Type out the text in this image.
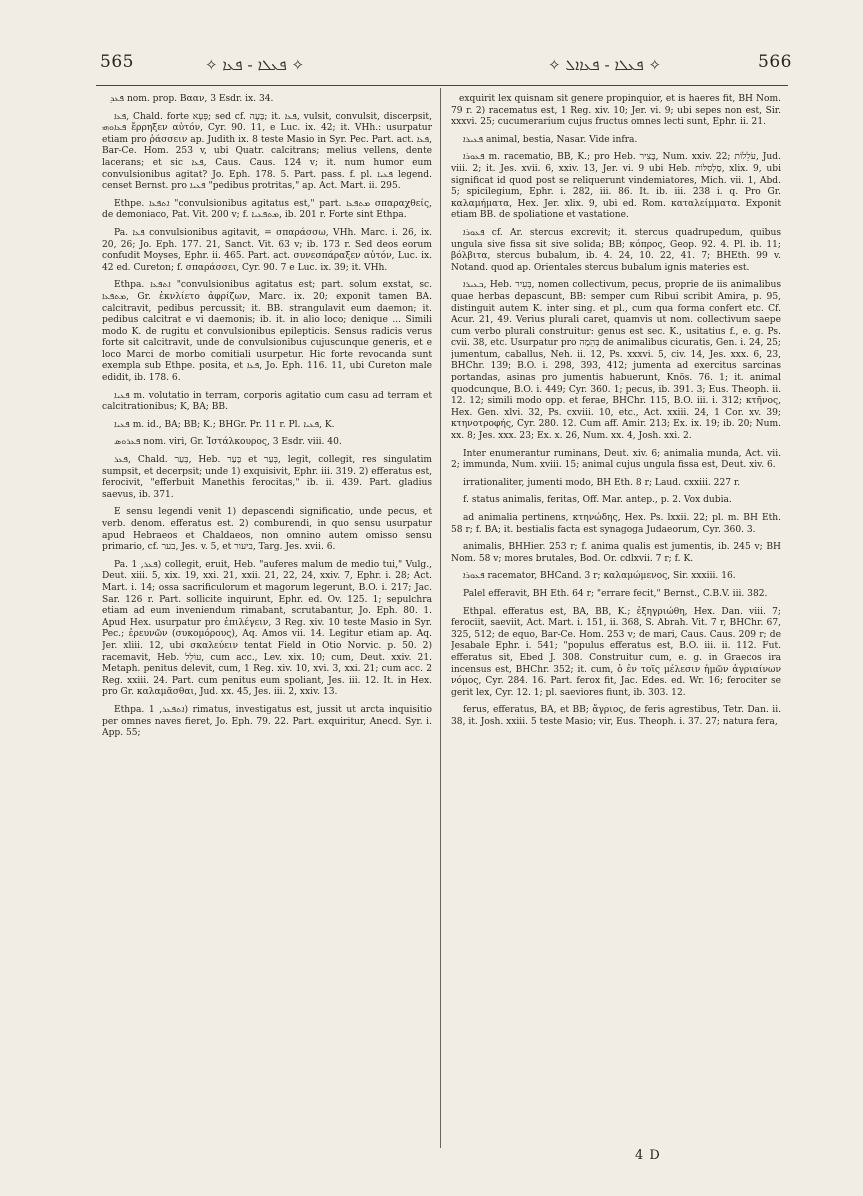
565	✧ ܦܥܠܐ - ܦܥܐ ✧	✧ ܦܥܠܐ - ܦܥܐܐܠ ✧	566

ܦܥܕ nom. prop. Βααν, 3 Esdr. ix. 34.

ܦܥܐ, Chald. forte פְּעָא; sed cf. בָּעָה; it. ܦܥܐ, vulsit, convulsit, discerpsit, ܦܥܐܘܗܝ ἔρρηξεν αὐτόν, Cyr. 90. 11, e Luc. ix. 42; it. VHh.: usurpatur etiam pro ῥάσσειν ap. Judith ix. 8 teste Masio in Syr. Pec. Part. act. ܦܥܐ, Bar-Ce. Hom. 253 v, ubi Quatr. calcitrans; melius vellens, dente lacerans; et sic ܦܥܐ, Caus. Caus. 124 v; it. num humor eum convulsionibus agitat? Jo. Eph. 178. 5. Part. pass. f. pl. ܦܥܝܐ legend. censet Bernst. pro ܦܥܝܐ "pedibus protritas," ap. Act. Mart. ii. 295.

Ethpe. ܐܬܦܥܐ "convulsionibus agitatus est," part. ܡܬܦܥܐ σπαραχθείς, de demoniaco, Pat. Vit. 200 v; f. ܡܬܦܥܝܐ, ib. 201 r. Forte sint Ethpa.

Pa. ܦܥܐ convulsionibus agitavit, = σπαράσσω, VHh. Marc. i. 26, ix. 20, 26; Jo. Eph. 177. 21, Sanct. Vit. 63 v; ib. 173 r. Sed deos eorum confudit Moyses, Ephr. ii. 465. Part. act. συνεσπάραξεν αὐτόν, Luc. ix. 42 ed. Cureton; f. σπαράσσει, Cyr. 90. 7 e Luc. ix. 39; it. VHh.

Ethpa. ܐܬܦܥܐ "convulsionibus agitatus est; part. solum exstat, sc. ܡܬܦܥܐ, Gr. ἐκνλίετο ἀφρίζων, Marc. ix. 20; exponit tamen BA. calcitravit, pedibus percussit; it. BB. strangulavit eum daemon; it. pedibus calcitrat e vi daemonis; ib. it. in alio loco; denique ... Simili modo K. de rugitu et convulsionibus epilepticis. Sensus radicis verus forte sit calcitravit, unde de convulsionibus cujuscunque generis, et e loco Marci de morbo comitiali usurpetur. Hic forte revocanda sunt exempla sub Ethpe. posita, et ܦܥܐ, Jo. Eph. 116. 11, ubi Cureton male edidit, ib. 178. 6.

ܦܥܝܐ m. volutatio in terram, corporis agitatio cum casu ad terram et calcitrationibus; K, BA; BB.

ܦܥܝܐ m. id., BA; BB; K.; BHGr. Pr. 11 r. Pl. ܦܥܝܐ, K.

ܦܥܪܘܣ nom. viri, Gr. Ἰστάλκουρος, 3 Esdr. viii. 40.

ܦܥܪ, Chald. בְּעַר, Heb. בָּעַר et בְּעַר, legit, collegit, res singulatim sumpsit, et decerpsit; unde 1) exquisivit, Ephr. iii. 319. 2) efferatus est, ferocivit, "efferbuit Manethis ferocitas," ib. ii. 439. Part. gladius saevus, ib. 371.

E sensu legendi venit 1) depascendi significatio, unde pecus, et verb. denom. efferatus est. 2) comburendi, in quo sensu usurpatur apud Hebraeos et Chaldaeos, non omnino autem omisso sensu primario, cf. בער, Jes. v. 5, et ביעור, Targ. Jes. xvii. 6.

Pa. ܦܥܪ, 1) collegit, eruit, Heb. "auferes malum de medio tui," Vulg., Deut. xiii. 5, xix. 19, xxi. 21, xxii. 21, 22, 24, xxiv. 7, Ephr. i. 28; Act. Mart. i. 14; ossa sacrificulorum et magorum legerunt, B.O. i. 217; Jac. Sar. 126 r. Part. sollicite inquirunt, Ephr. ed. Ov. 125. 1; sepulchra etiam ad eum inveniendum rimabant, scrutabantur, Jo. Eph. 80. 1. Apud Hex. usurpatur pro ἐπιλέγειν, 3 Reg. xiv. 10 teste Masio in Syr. Pec.; ἐρευνῶν (συκομόρους), Aq. Amos vii. 14. Legitur etiam ap. Aq. Jer. xliii. 12, ubi σκαλεύειν tentat Field in Otio Norvic. p. 50. 2) racemavit, Heb. עוֹלֵל, cum acc., Lev. xix. 10; cum, Deut. xxiv. 21. Metaph. penitus delevit, cum, 1 Reg. xiv. 10, xvi. 3, xxi. 21; cum acc. 2 Reg. xxiii. 24. Part. cum penitus eum spoliant, Jes. iii. 12. It. in Hex. pro Gr. καλαμᾶσθαι, Jud. xx. 45, Jes. iii. 2, xxiv. 13.

Ethpa. ܐܬܦܥܪ, 1) rimatus, investigatus est, jussit ut arcta inquisitio per omnes naves fieret, Jo. Eph. 79. 22. Part. exquiritur, Anecd. Syr. i. App. 55;

exquirit lex quisnam sit genere propinquior, et is haeres fit, BH Nom. 79 r. 2) racematus est, 1 Reg. xiv. 10; Jer. vi. 9; ubi sepes non est, Sir. xxxvi. 25; cucumerarium cujus fructus omnes lecti sunt, Ephr. ii. 21.

ܦܥܝܪܐ animal, bestia, Nasar. Vide infra.

ܦܥܘܪܐ m. racematio, BB, K.; pro Heb. בָּצִיר, Num. xxiv. 22; עֹלֵלוֹת, Jud. viii. 2; it. Jes. xvii. 6, xxiv. 13, Jer. vi. 9 ubi Heb. סַלְסִלּוֹת, xlix. 9, ubi significat id quod post se reliquerunt vindemiatores, Mich. vii. 1, Abd. 5; spicilegium, Ephr. i. 282, iii. 86. It. ib. iii. 238 i. q. Pro Gr. καλαμήματα, Hex. Jer. xlix. 9, ubi ed. Rom. καταλείμματα. Exponit etiam BB. de spoliatione et vastatione.

ܦܥܘܪܐ cf. Ar. stercus excrevit; it. stercus quadrupedum, quibus ungula sive fissa sit sive solida; BB; κόπρος, Geop. 92. 4. Pl. ib. 11; βόλβιτα, stercus bubalum, ib. 4. 24, 10. 22, 41. 7; BHEth. 99 v. Notand. quod ap. Orientales stercus bubalum ignis materies est.

ܒܥܝܪܐ, Heb. בְּעִיר, nomen collectivum, pecus, proprie de iis animalibus quae herbas depascunt, BB: semper cum Ribui scribit Amira, p. 95, distinguit autem K. inter sing. et pl., cum qua forma confert etc. Cf. Acur. 21, 49. Verius plurali caret, quamvis ut nom. collectivum saepe cum verbo plurali construitur: genus est sec. K., usitatius f., e. g. Ps. cvii. 38, etc. Usurpatur pro בְּהֵמָה de animalibus cicuratis, Gen. i. 24, 25; jumentum, caballus, Neh. ii. 12, Ps. xxxvi. 5, civ. 14, Jes. xxx. 6, 23, BHChr. 139; B.O. i. 298, 393, 412; jumenta ad exercitus sarcinas portandas, asinas pro jumentis habuerunt, Knös. 76. 1; it. animal quodcunque, B.O. i. 449; Cyr. 360. 1; pecus, ib. 391. 3; Eus. Theoph. ii. 12. 12; simili modo opp. et ferae, BHChr. 115, B.O. iii. i. 312; κτῆνος, Hex. Gen. xlvi. 32, Ps. cxviii. 10, etc., Act. xxiii. 24, 1 Cor. xv. 39; κτηνοτροφής, Cyr. 280. 12. Cum aff. Amir. 213; Ex. ix. 19; ib. 20; Num. xx. 8; Jes. xxx. 23; Ex. x. 26, Num. xx. 4, Josh. xxi. 2.

Inter enumerantur ruminans, Deut. xiv. 6; animalia munda, Act. vii. 2; immunda, Num. xviii. 15; animal cujus ungula fissa est, Deut. xiv. 6.

irrationaliter, jumenti modo, BH Eth. 8 r; Laud. cxxiii. 227 r.

f. status animalis, feritas, Off. Mar. antep., p. 2. Vox dubia.

ad animalia pertinens, κτηνώδης, Hex. Ps. lxxii. 22; pl. m. BH Eth. 58 r; f. BA; it. bestialis facta est synagoga Judaeorum, Cyr. 360. 3.

animalis, BHHier. 253 r; f. anima qualis est jumentis, ib. 245 v; BH Nom. 58 v; mores brutales, Bod. Or. cdlxvii. 7 r; f. K.

ܦܥܘܪܐ racemator, BHCand. 3 r; καλαμώμενος, Sir. xxxiii. 16.

Palel efferavit, BH Eth. 64 r; "errare fecit," Bernst., C.B.V. iii. 382.

Ethpal. efferatus est, BA, BB, K.; ἐξηγριώθη, Hex. Dan. viii. 7; ferociit, saeviit, Act. Mart. i. 151, ii. 368, S. Abrah. Vit. 7 r, BHChr. 67, 325, 512; de equo, Bar-Ce. Hom. 253 v; de mari, Caus. Caus. 209 r; de Jesabale Ephr. i. 541; "populus efferatus est, B.O. iii. ii. 112. Fut. efferatus sit, Ebed J. 308. Construitur cum, e. g. in Graecos ira incensus est, BHChr. 352; it. cum, ὁ ἐν τοῖς μέλεσιν ἡμῶν ἀγριαίνων νόμος, Cyr. 284. 16. Part. ferox fit, Jac. Edes. ed. Wr. 16; ferociter se gerit lex, Cyr. 12. 1; pl. saeviores fiunt, ib. 303. 12.

ferus, efferatus, BA, et BB; ἄγριος, de feris agrestibus, Tetr. Dan. ii. 38, it. Josh. xxiii. 5 teste Masio; vir, Eus. Theoph. i. 37. 27; natura fera,

4 D
